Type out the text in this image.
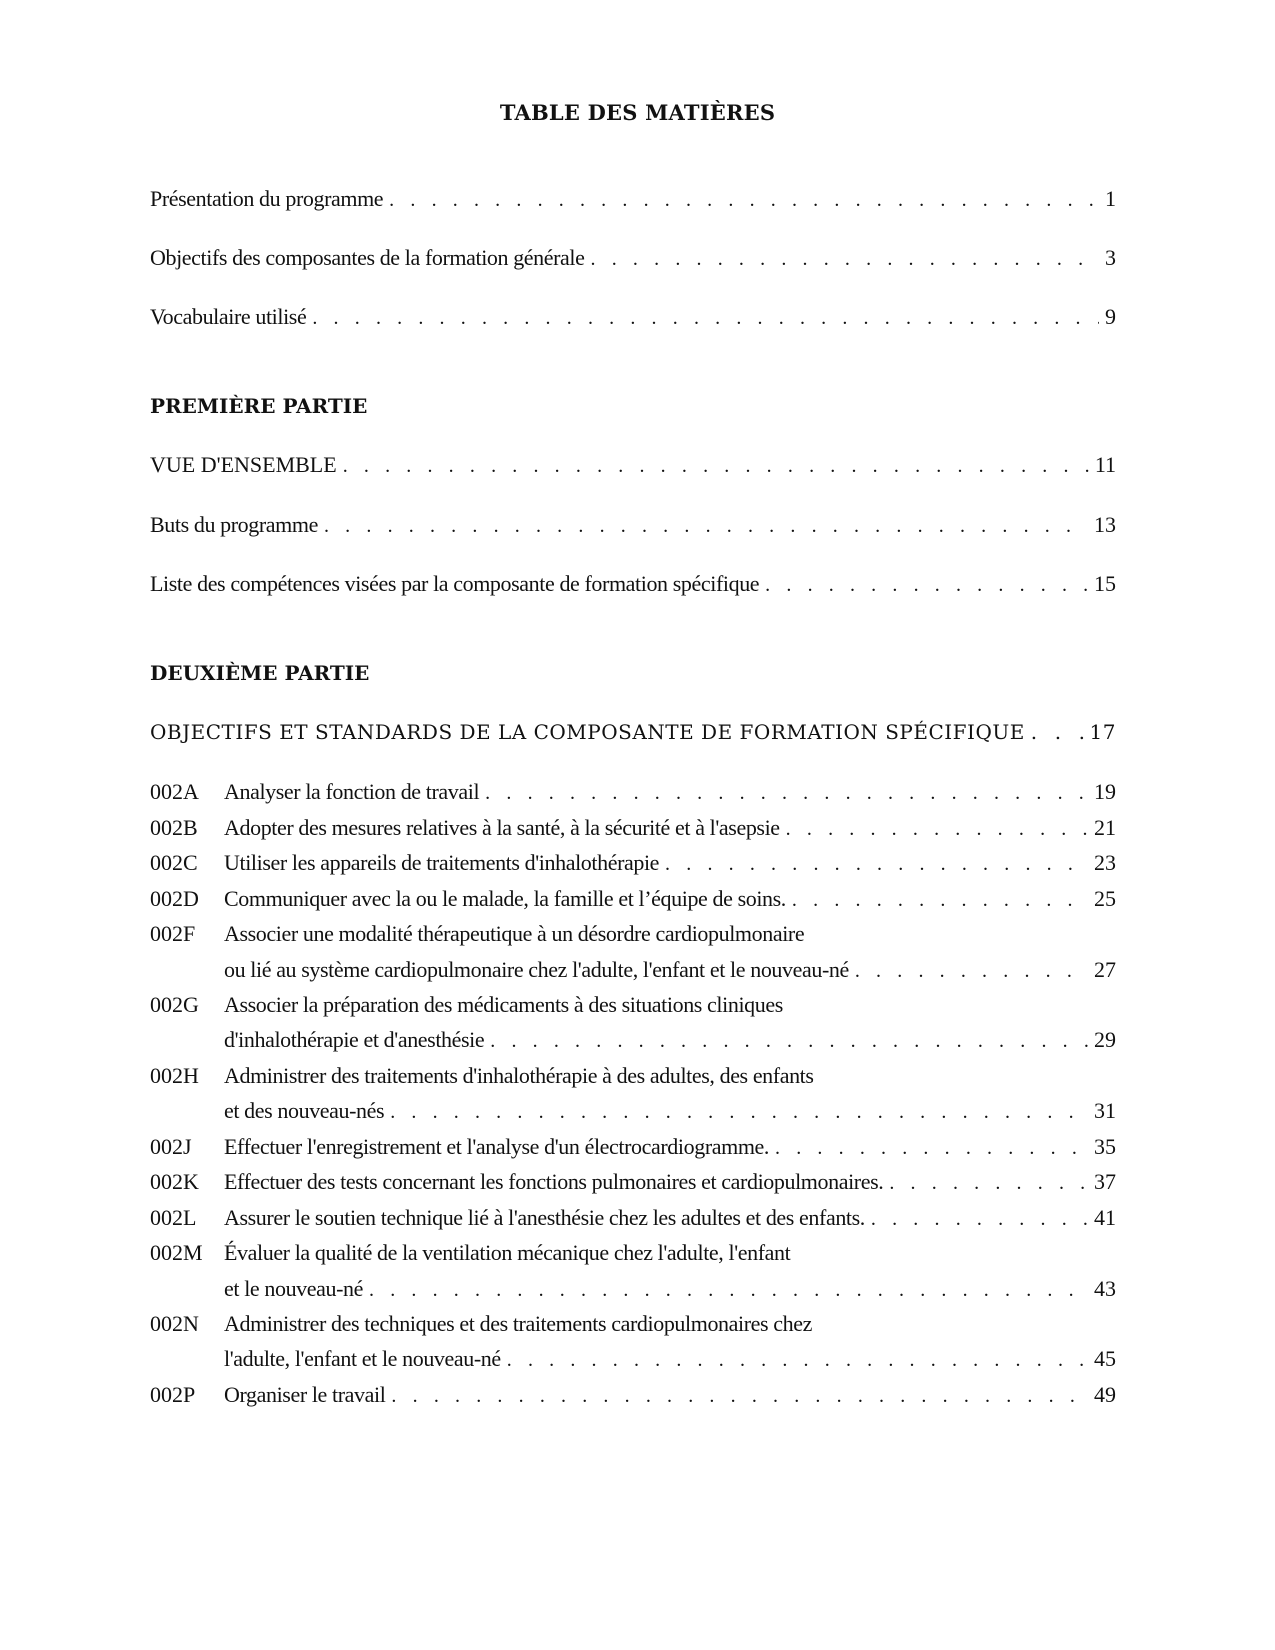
TABLE DES MATIÈRES
Présentation du programme . . .	1
Objectifs des composantes de la formation générale . . .	3
Vocabulaire utilisé . . .	9
PREMIÈRE PARTIE
VUE D'ENSEMBLE . . .	11
Buts du programme . . .	13
Liste des compétences visées par la composante de formation spécifique . . .	15
DEUXIÈME PARTIE
OBJECTIFS ET STANDARDS DE LA COMPOSANTE DE FORMATION SPÉCIFIQUE . . .	17
002A	Analyser la fonction de travail . . .	19
002B	Adopter des mesures relatives à la santé, à la sécurité et à l'asepsie . . .	21
002C	Utiliser les appareils de traitements d'inhalothérapie . . .	23
002D	Communiquer avec la ou le malade, la famille et l’équipe de soins. . . .	25
002F	Associer une modalité thérapeutique à un désordre cardiopulmonaire
ou lié au système cardiopulmonaire chez l'adulte, l'enfant et le nouveau-né . . .	27
002G	Associer la préparation des médicaments à des situations cliniques
d'inhalothérapie et d'anesthésie . . .	29
002H	Administrer des traitements d'inhalothérapie à des adultes, des enfants
et des nouveau-nés . . .	31
002J	Effectuer l'enregistrement et l'analyse d'un électrocardiogramme. . . .	35
002K	Effectuer des tests concernant les fonctions pulmonaires et cardiopulmonaires. . . .	37
002L	Assurer le soutien technique lié à l'anesthésie chez les adultes et des enfants. . . .	41
002M Évaluer la qualité de la ventilation mécanique chez l'adulte, l'enfant
et le nouveau-né . . .	43
002N	Administrer des techniques et des traitements cardiopulmonaires chez
l'adulte, l'enfant et le nouveau-né . . .	45
002P	Organiser le travail . . .	49
